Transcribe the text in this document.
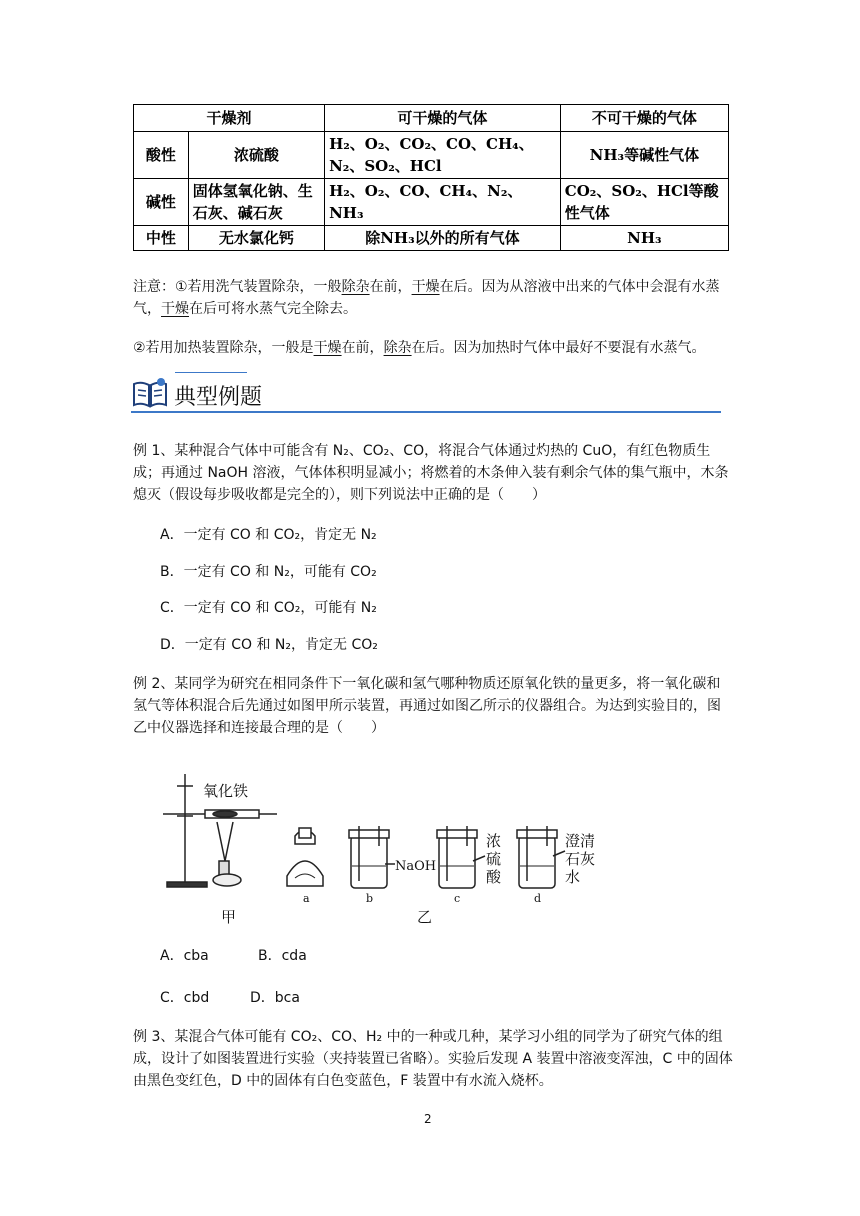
干燥剂		可干燥的气体	不可干燥的气体
酸性	浓硫酸	H₂、O₂、CO₂、CO、CH₄、N₂、SO₂、HCl	NH₃等碱性气体
碱性	固体氢氧化钠、生 石灰、碱石灰	H₂、O₂、CO、CH₄、N₂、NH₃	CO₂、SO₂、HCl等酸性气体
中性	无水氯化钙	除NH₃以外的所有气体	NH₃
注意：①若用洗气装置除杂，一般除杂在前，干燥在后。因为从溶液中出来的气体中会混有水蒸气，干燥在后可将水蒸气完全除去。
②若用加热装置除杂，一般是干燥在前，除杂在后。因为加热时气体中最好不要混有水蒸气。
典型例题
例 1、某种混合气体中可能含有 N₂、CO₂、CO，将混合气体通过灼热的 CuO，有红色物质生成；再通过 NaOH 溶液，气体体积明显减小；将燃着的木条伸入装有剩余气体的集气瓶中，木条熄灭（假设每步吸收都是完全的），则下列说法中正确的是（　　）
A．一定有 CO 和 CO₂，肯定无 N₂
B．一定有 CO 和 N₂，可能有 CO₂
C．一定有 CO 和 CO₂，可能有 N₂
D．一定有 CO 和 N₂，肯定无 CO₂
例 2、某同学为研究在相同条件下一氧化碳和氢气哪种物质还原氧化铁的量更多，将一氧化碳和氢气等体积混合后先通过如图甲所示装置，再通过如图乙所示的仪器组合。为达到实验目的，图乙中仪器选择和连接最合理的是（　　）
氧化铁
NaOH
浓
硫
酸
澄清
石灰
水
a	b	c	d
甲	乙
A．cba	B．cda
C．cbd	D．bca
例 3、某混合气体可能有 CO₂、CO、H₂ 中的一种或几种，某学习小组的同学为了研究气体的组成，设计了如图装置进行实验（夹持装置已省略）。实验后发现 A 装置中溶液变浑浊，C 中的固体由黑色变红色，D 中的固体有白色变蓝色，F 装置中有水流入烧杯。
2
